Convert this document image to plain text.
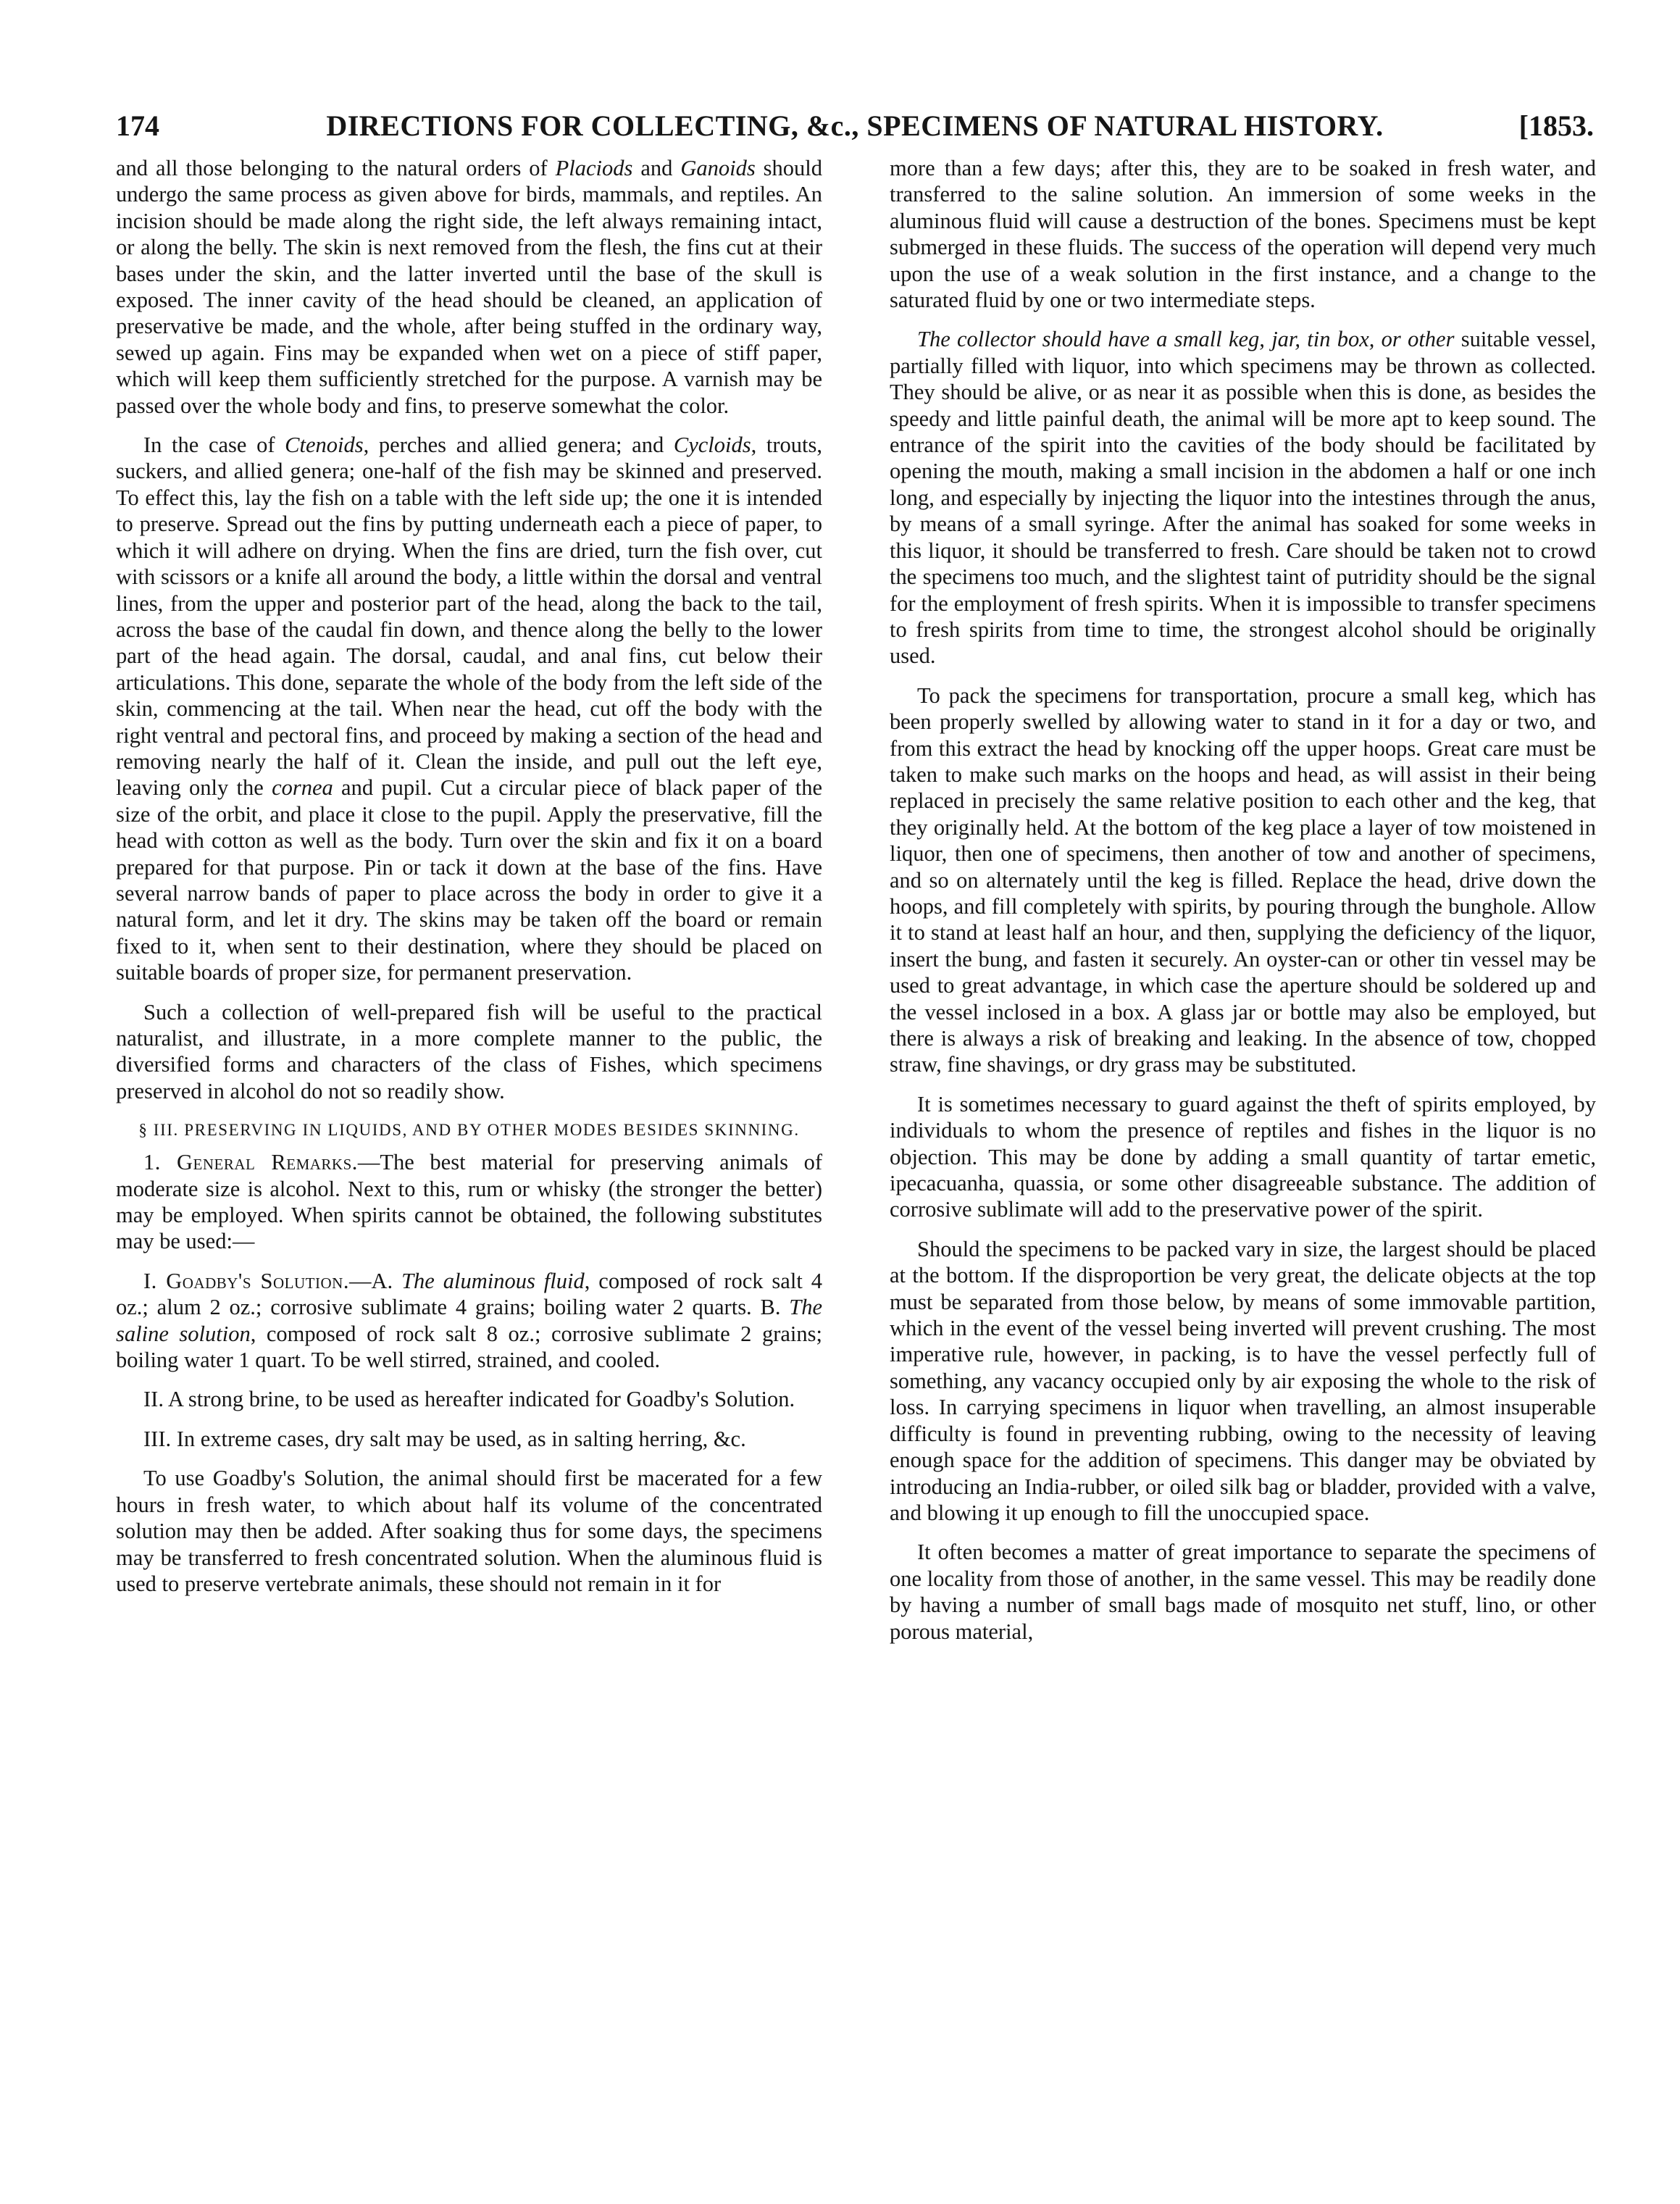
174	DIRECTIONS FOR COLLECTING, &c., SPECIMENS OF NATURAL HISTORY.	[1853.

and all those belonging to the natural orders of Placiods and Ganoids should undergo the same process as given above for birds, mammals, and reptiles. An incision should be made along the right side, the left always remaining intact, or along the belly. The skin is next removed from the flesh, the fins cut at their bases under the skin, and the latter inverted until the base of the skull is exposed. The inner cavity of the head should be cleaned, an application of preservative be made, and the whole, after being stuffed in the ordinary way, sewed up again. Fins may be expanded when wet on a piece of stiff paper, which will keep them sufficiently stretched for the purpose. A varnish may be passed over the whole body and fins, to preserve somewhat the color.

In the case of Ctenoids, perches and allied genera; and Cycloids, trouts, suckers, and allied genera; one-half of the fish may be skinned and preserved. To effect this, lay the fish on a table with the left side up; the one it is intended to preserve. Spread out the fins by putting underneath each a piece of paper, to which it will adhere on drying. When the fins are dried, turn the fish over, cut with scissors or a knife all around the body, a little within the dorsal and ventral lines, from the upper and posterior part of the head, along the back to the tail, across the base of the caudal fin down, and thence along the belly to the lower part of the head again. The dorsal, caudal, and anal fins, cut below their articulations. This done, separate the whole of the body from the left side of the skin, commencing at the tail. When near the head, cut off the body with the right ventral and pectoral fins, and proceed by making a section of the head and removing nearly the half of it. Clean the inside, and pull out the left eye, leaving only the cornea and pupil. Cut a circular piece of black paper of the size of the orbit, and place it close to the pupil. Apply the preservative, fill the head with cotton as well as the body. Turn over the skin and fix it on a board prepared for that purpose. Pin or tack it down at the base of the fins. Have several narrow bands of paper to place across the body in order to give it a natural form, and let it dry. The skins may be taken off the board or remain fixed to it, when sent to their destination, where they should be placed on suitable boards of proper size, for permanent preservation.

Such a collection of well-prepared fish will be useful to the practical naturalist, and illustrate, in a more complete manner to the public, the diversified forms and characters of the class of Fishes, which specimens preserved in alcohol do not so readily show.

§ III. PRESERVING IN LIQUIDS, AND BY OTHER MODES BESIDES SKINNING.

1. General Remarks.—The best material for preserving animals of moderate size is alcohol. Next to this, rum or whisky (the stronger the better) may be employed. When spirits cannot be obtained, the following substitutes may be used:—

I. Goadby's Solution.—A. The aluminous fluid, composed of rock salt 4 oz.; alum 2 oz.; corrosive sublimate 4 grains; boiling water 2 quarts. B. The saline solution, composed of rock salt 8 oz.; corrosive sublimate 2 grains; boiling water 1 quart. To be well stirred, strained, and cooled.

II. A strong brine, to be used as hereafter indicated for Goadby's Solution.

III. In extreme cases, dry salt may be used, as in salting herring, &c.

To use Goadby's Solution, the animal should first be macerated for a few hours in fresh water, to which about half its volume of the concentrated solution may then be added. After soaking thus for some days, the specimens may be transferred to fresh concentrated solution. When the aluminous fluid is used to preserve vertebrate animals, these should not remain in it for

more than a few days; after this, they are to be soaked in fresh water, and transferred to the saline solution. An immersion of some weeks in the aluminous fluid will cause a destruction of the bones. Specimens must be kept submerged in these fluids. The success of the operation will depend very much upon the use of a weak solution in the first instance, and a change to the saturated fluid by one or two intermediate steps.

The collector should have a small keg, jar, tin box, or other suitable vessel, partially filled with liquor, into which specimens may be thrown as collected. They should be alive, or as near it as possible when this is done, as besides the speedy and little painful death, the animal will be more apt to keep sound. The entrance of the spirit into the cavities of the body should be facilitated by opening the mouth, making a small incision in the abdomen a half or one inch long, and especially by injecting the liquor into the intestines through the anus, by means of a small syringe. After the animal has soaked for some weeks in this liquor, it should be transferred to fresh. Care should be taken not to crowd the specimens too much, and the slightest taint of putridity should be the signal for the employment of fresh spirits. When it is impossible to transfer specimens to fresh spirits from time to time, the strongest alcohol should be originally used.

To pack the specimens for transportation, procure a small keg, which has been properly swelled by allowing water to stand in it for a day or two, and from this extract the head by knocking off the upper hoops. Great care must be taken to make such marks on the hoops and head, as will assist in their being replaced in precisely the same relative position to each other and the keg, that they originally held. At the bottom of the keg place a layer of tow moistened in liquor, then one of specimens, then another of tow and another of specimens, and so on alternately until the keg is filled. Replace the head, drive down the hoops, and fill completely with spirits, by pouring through the bunghole. Allow it to stand at least half an hour, and then, supplying the deficiency of the liquor, insert the bung, and fasten it securely. An oyster-can or other tin vessel may be used to great advantage, in which case the aperture should be soldered up and the vessel inclosed in a box. A glass jar or bottle may also be employed, but there is always a risk of breaking and leaking. In the absence of tow, chopped straw, fine shavings, or dry grass may be substituted.

It is sometimes necessary to guard against the theft of spirits employed, by individuals to whom the presence of reptiles and fishes in the liquor is no objection. This may be done by adding a small quantity of tartar emetic, ipecacuanha, quassia, or some other disagreeable substance. The addition of corrosive sublimate will add to the preservative power of the spirit.

Should the specimens to be packed vary in size, the largest should be placed at the bottom. If the disproportion be very great, the delicate objects at the top must be separated from those below, by means of some immovable partition, which in the event of the vessel being inverted will prevent crushing. The most imperative rule, however, in packing, is to have the vessel perfectly full of something, any vacancy occupied only by air exposing the whole to the risk of loss. In carrying specimens in liquor when travelling, an almost insuperable difficulty is found in preventing rubbing, owing to the necessity of leaving enough space for the addition of specimens. This danger may be obviated by introducing an India-rubber, or oiled silk bag or bladder, provided with a valve, and blowing it up enough to fill the unoccupied space.

It often becomes a matter of great importance to separate the specimens of one locality from those of another, in the same vessel. This may be readily done by having a number of small bags made of mosquito net stuff, lino, or other porous material,
